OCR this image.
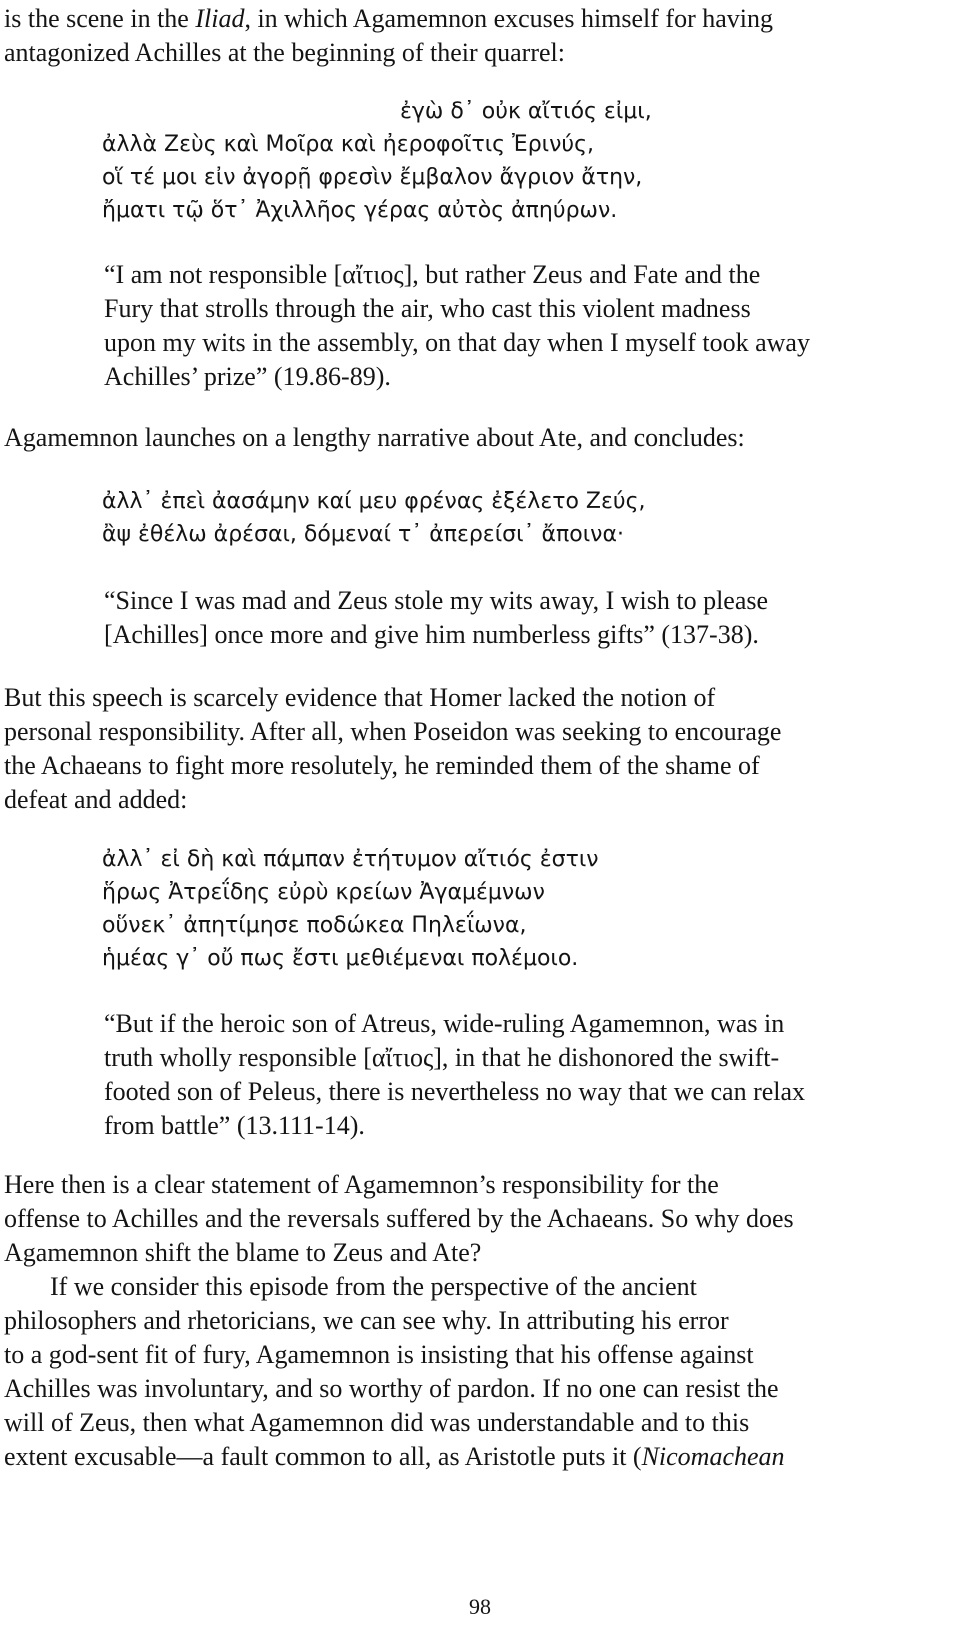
is the scene in the Iliad, in which Agamemnon excuses himself for having
antagonized Achilles at the beginning of their quarrel:
ἐγὼ δ᾽ οὐκ αἴτιός εἰμι,
ἀλλὰ Ζεὺς καὶ Μοῖρα καὶ ἠεροφοῖτις Ἐρινύς,
οἵ τέ μοι εἰν ἀγορῇ φρεσὶν ἔμβαλον ἄγριον ἄτην,
ἤματι τῷ ὅτ᾽ Ἀχιλλῆος γέρας αὐτὸς ἀπηύρων.
“I am not responsible [αἴτιος], but rather Zeus and Fate and the
Fury that strolls through the air, who cast this violent madness
upon my wits in the assembly, on that day when I myself took away
Achilles’ prize” (19.86-89).
Agamemnon launches on a lengthy narrative about Ate, and concludes:
ἀλλ᾽ ἐπεὶ ἀασάμην καί μευ φρένας ἐξέλετο Ζεύς,
ἂψ ἐθέλω ἀρέσαι, δόμεναί τ᾽ ἀπερείσι᾽ ἄποινα·
“Since I was mad and Zeus stole my wits away, I wish to please
[Achilles] once more and give him numberless gifts” (137-38).
But this speech is scarcely evidence that Homer lacked the notion of
personal responsibility. After all, when Poseidon was seeking to encourage
the Achaeans to fight more resolutely, he reminded them of the shame of
defeat and added:
ἀλλ᾽ εἰ δὴ καὶ πάμπαν ἐτήτυμον αἴτιός ἐστιν
ἥρως Ἀτρεΐδης εὐρὺ κρείων Ἀγαμέμνων
οὕνεκ᾽ ἀπητίμησε ποδώκεα Πηλεΐωνα,
ἡμέας γ᾽ οὔ πως ἔστι μεθιέμεναι πολέμοιο.
“But if the heroic son of Atreus, wide-ruling Agamemnon, was in
truth wholly responsible [αἴτιος], in that he dishonored the swift-
footed son of Peleus, there is nevertheless no way that we can relax
from battle” (13.111-14).
Here then is a clear statement of Agamemnon’s responsibility for the
offense to Achilles and the reversals suffered by the Achaeans. So why does
Agamemnon shift the blame to Zeus and Ate?
If we consider this episode from the perspective of the ancient
philosophers and rhetoricians, we can see why. In attributing his error
to a god-sent fit of fury, Agamemnon is insisting that his offense against
Achilles was involuntary, and so worthy of pardon. If no one can resist the
will of Zeus, then what Agamemnon did was understandable and to this
extent excusable—a fault common to all, as Aristotle puts it (Nicomachean
98
